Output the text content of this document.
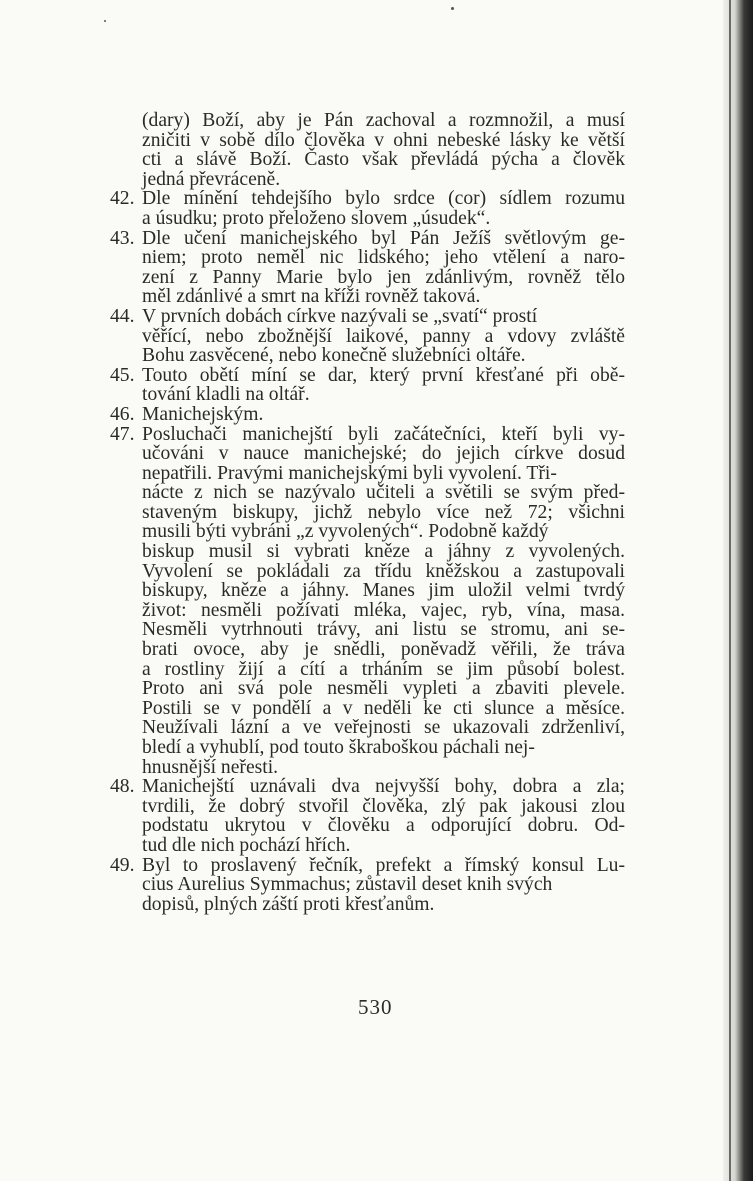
(dary) Boží, aby je Pán zachoval a rozmnožil, a musí
zničiti v sobě dílo člověka v ohni nebeské lásky ke větší
cti a slávě Boží. Často však převládá pýcha a člověk
jedná převráceně.
42. Dle mínění tehdejšího bylo srdce (cor) sídlem rozumu
a úsudku; proto přeloženo slovem „úsudek“.
43. Dle učení manichejského byl Pán Ježíš světlovým ge-
niem; proto neměl nic lidského; jeho vtělení a naro-
zení z Panny Marie bylo jen zdánlivým, rovněž tělo
měl zdánlivé a smrt na kříži rovněž taková.
44. V prvních dobách církve nazývali se „svatí“ prostí
věřící, nebo zbožnější laikové, panny a vdovy zvláště
Bohu zasvěcené, nebo konečně služebníci oltáře.
45. Touto obětí míní se dar, který první křesťané při obě-
tování kladli na oltář.
46. Manichejským.
47. Posluchači manichejští byli začátečníci, kteří byli vy-
učováni v nauce manichejské; do jejich církve dosud
nepatřili. Pravými manichejskými byli vyvolení. Tři-
nácte z nich se nazývalo učiteli a světili se svým před-
staveným biskupy, jichž nebylo více než 72; všichni
musili býti vybráni „z vyvolených“. Podobně každý
biskup musil si vybrati kněze a jáhny z vyvolených.
Vyvolení se pokládali za třídu kněžskou a zastupovali
biskupy, kněze a jáhny. Manes jim uložil velmi tvrdý
život: nesměli požívati mléka, vajec, ryb, vína, masa.
Nesměli vytrhnouti trávy, ani listu se stromu, ani se-
brati ovoce, aby je snědli, poněvadž věřili, že tráva
a rostliny žijí a cítí a trháním se jim působí bolest.
Proto ani svá pole nesměli vypleti a zbaviti plevele.
Postili se v pondělí a v neděli ke cti slunce a měsíce.
Neužívali lázní a ve veřejnosti se ukazovali zdrženliví,
bledí a vyhublí, pod touto škraboškou páchali nej-
hnusnější neřesti.
48. Manichejští uznávali dva nejvyšší bohy, dobra a zla;
tvrdili, že dobrý stvořil člověka, zlý pak jakousi zlou
podstatu ukrytou v člověku a odporující dobru. Od-
tud dle nich pochází hřích.
49. Byl to proslavený řečník, prefekt a římský konsul Lu-
cius Aurelius Symmachus; zůstavil deset knih svých
dopisů, plných záští proti křesťanům.
530
